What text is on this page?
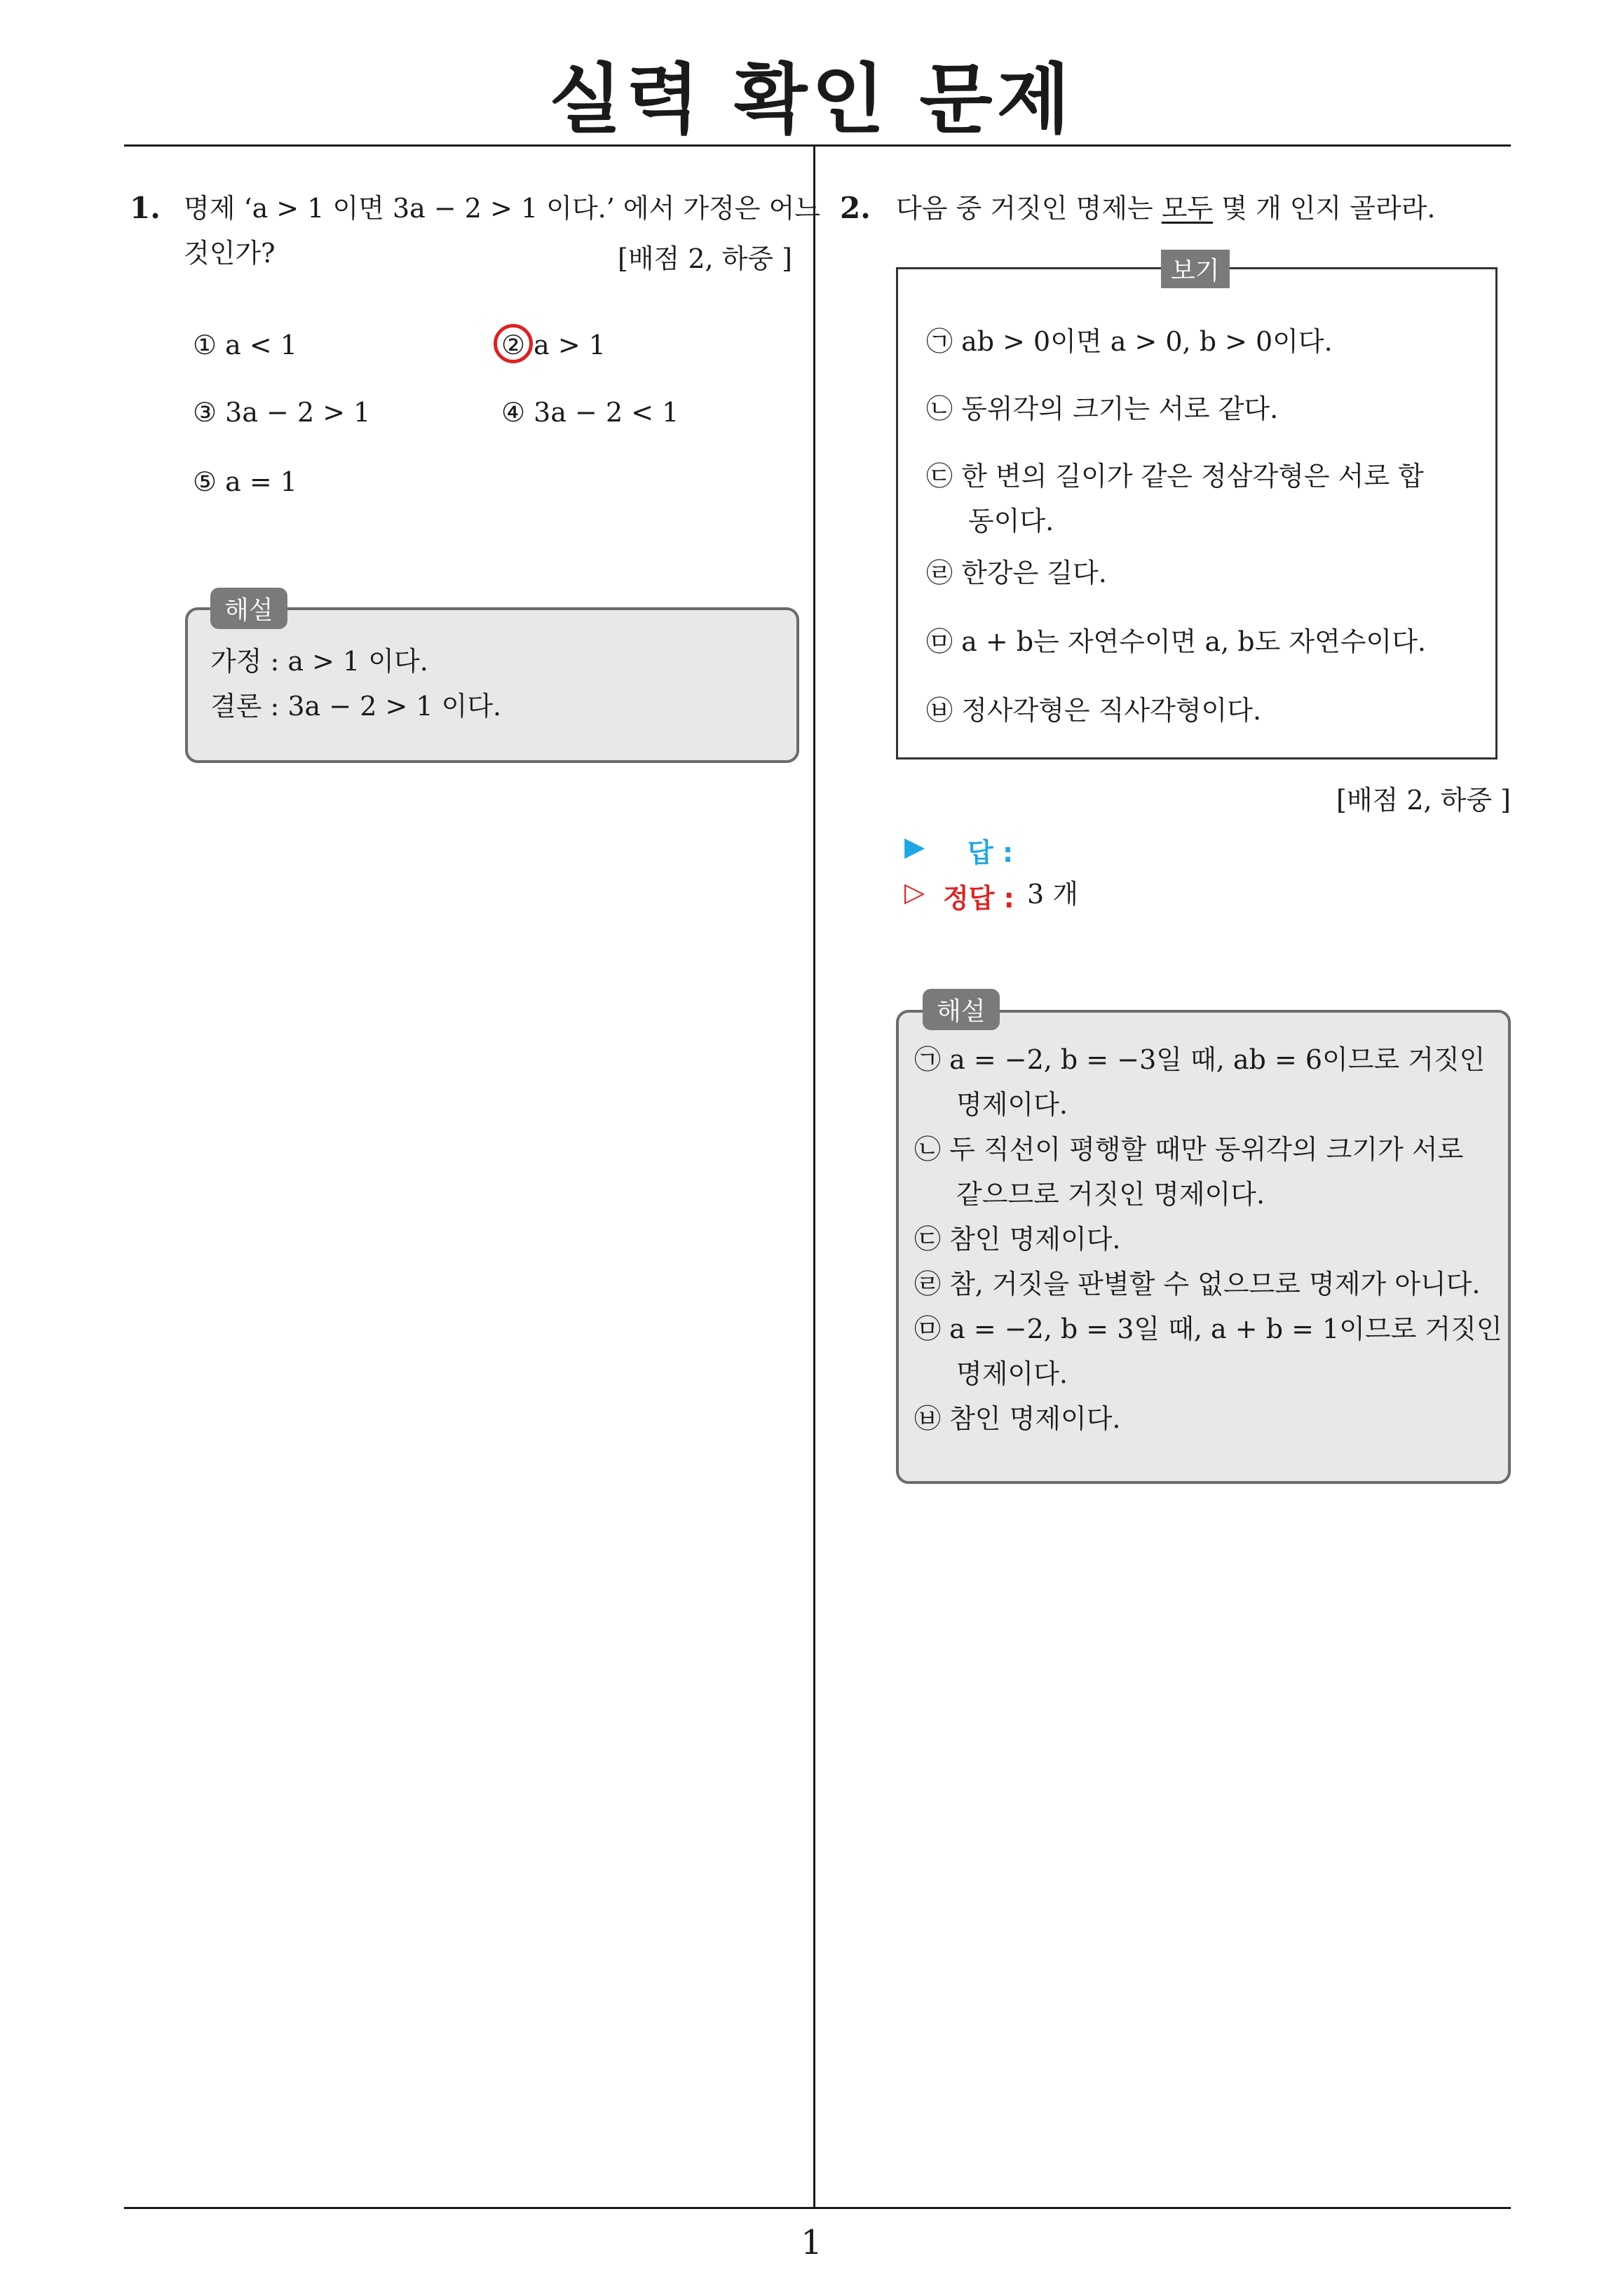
실력 확인 문제
1
1. 명제 ‘a > 1 이면 3a − 2 > 1 이다.’ 에서 가정은 어느
것인가?	[배점 2, 하중 ]
① a < 1	② a > 1
③ 3a − 2 > 1	④ 3a − 2 < 1
⑤ a = 1
가정 : a > 1 이다.
결론 : 3a − 2 > 1 이다.
해설
2. 다음 중 거짓인 명제는 모두 몇 개 인지 골라라.
㉠ ab > 0이면 a > 0, b > 0이다.
㉡ 동위각의 크기는 서로 같다.
㉢ 한 변의 길이가 같은 정삼각형은 서로 합
동이다.
㉣ 한강은 길다.
㉤ a + b는 자연수이면 a, b도 자연수이다.
㉥ 정사각형은 직사각형이다.
보기
[배점 2, 하중 ]
▶ 답 :
▷ 정답 : 3 개
㉠ a = −2, b = −3일 때, ab = 6이므로 거짓인
명제이다.
㉡ 두 직선이 평행할 때만 동위각의 크기가 서로
같으므로 거짓인 명제이다.
㉢ 참인 명제이다.
㉣ 참, 거짓을 판별할 수 없으므로 명제가 아니다.
㉤ a = −2, b = 3일 때, a + b = 1이므로 거짓인
명제이다.
㉥ 참인 명제이다.
해설
